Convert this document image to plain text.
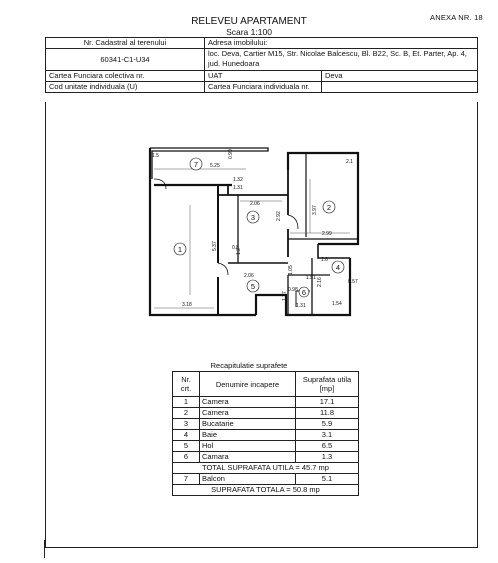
ANEXA NR. 18
RELEVEU APARTAMENT
Scara 1:100
Nr. Cadastral al terenului	Adresa imobilului:	
60341-C1-U34	loc. Deva, Cartier M15, Str. Nicolae Balcescu, Bl. B22, Sc. B, Et. Parter, Ap. 4, jud. Hunedoara	
Cartea Funciara colectiva nr.	UAT	Deva
Cod unitate individuala (U)	Cartea Funciara individuala nr.	
7
1
2
3
4
5
6
5.25
0.99
1.5
5.37
3.18
2.06
2.92
1.32
1.31
0.8
1.2
3.97
2.99
2.1
2.06
1.05
1.27
1.51
1.6
2.16	0.57
1.54
1.31
0.98
Recapitulatie suprafete
Nr. crt.	Denumire incapere	Suprafata utila [mp]
1	Camera	17.1
2	Camera	11.8
3	Bucatarie	5.9
4	Baie	3.1
5	Hol	6.5
6	Camara	1.3
TOTAL SUPRAFATA UTILA = 45.7 mp		
7	Balcon	5.1
SUPRAFATA TOTALA = 50.8 mp		
